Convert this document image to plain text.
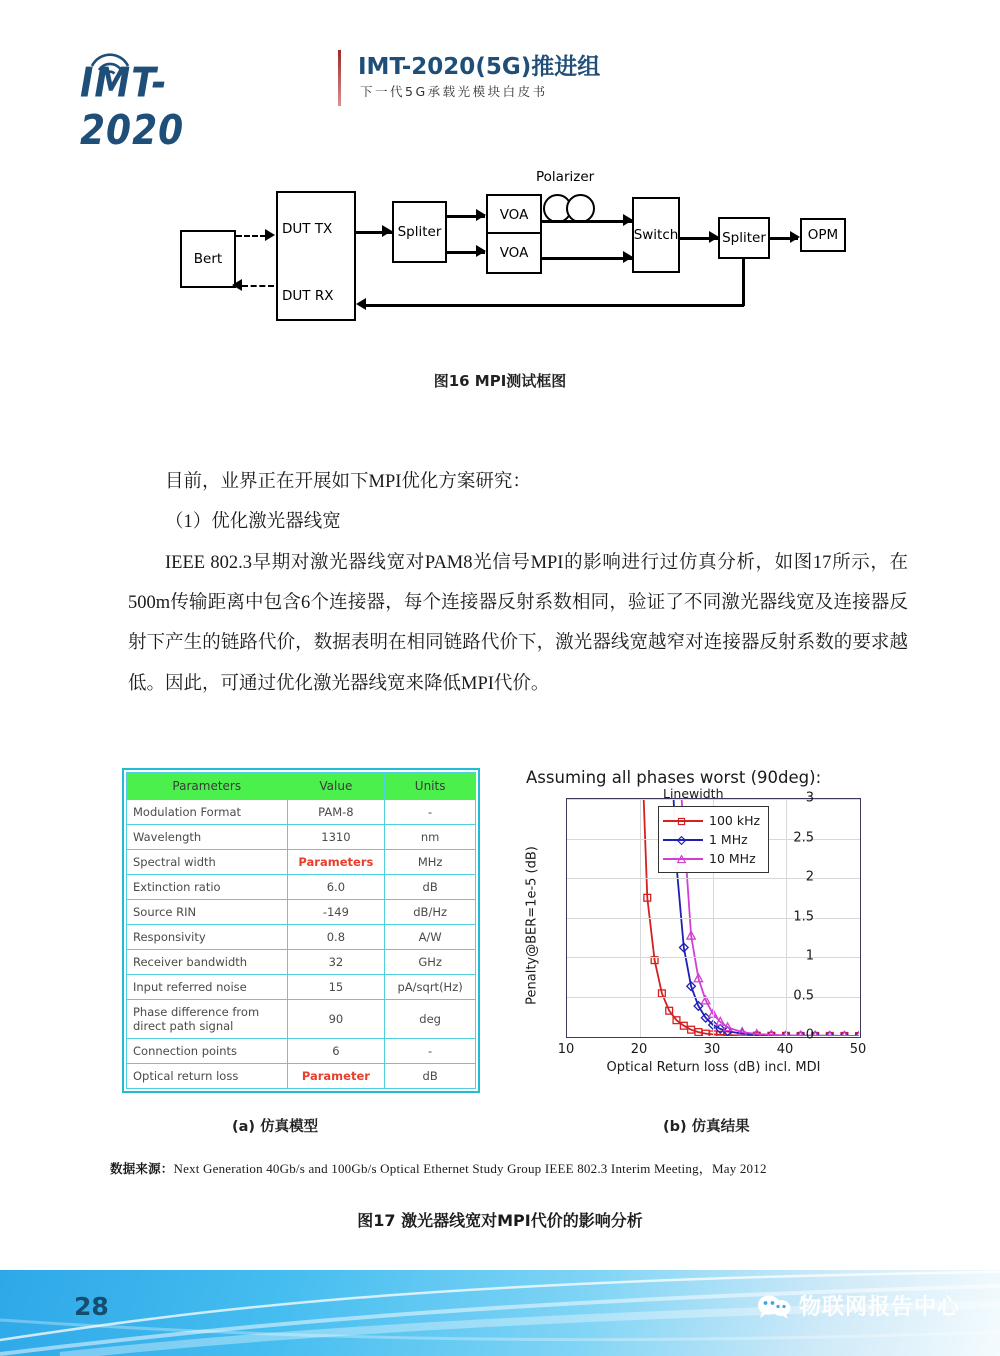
IMT-2020
IMT-2020(5G)推进组
下一代5G承载光模块白皮书
Bert
DUT TX
DUT RX
Spliter
VOA
VOA
Polarizer
Switch	Spliter	OPM
图16 MPI测试框图

目前，业界正在开展如下MPI优化方案研究：

（1）优化激光器线宽

IEEE 802.3早期对激光器线宽对PAM8光信号MPI的影响进行过仿真分析，如图17所示，在500m传输距离中包含6个连接器，每个连接器反射系数相同，验证了不同激光器线宽及连接器反射下产生的链路代价，数据表明在相同链路代价下，激光器线宽越窄对连接器反射系数的要求越低。因此，可通过优化激光器线宽来降低MPI代价。

Parameters	Value	Units
Modulation Format	PAM-8	-
Wavelength	1310	nm
Spectral width	Parameters	MHz
Extinction ratio	6.0	dB
Source RIN	-149	dB/Hz
Responsivity	0.8	A/W
Receiver bandwidth	32	GHz
Input referred noise	15	pA/sqrt(Hz)
Phase difference from direct path signal	90	deg
Connection points	6	-
Optical return loss	Parameter	dB
Assuming all phases worst (90deg):
0
0.5
1
1.5
2
2.5
3
10	20	30	40	50
Penalty@BER=1e-5 (dB)
Optical Return loss (dB) incl. MDI
Linewidth
100 kHz
1 MHz
10 MHz
(a) 仿真模型	(b) 仿真结果
数据来源：Next Generation 40Gb/s and 100Gb/s Optical Ethernet Study Group IEEE 802.3 Interim Meeting，May 2012
图17 激光器线宽对MPI代价的影响分析
28	物联网报告中心
